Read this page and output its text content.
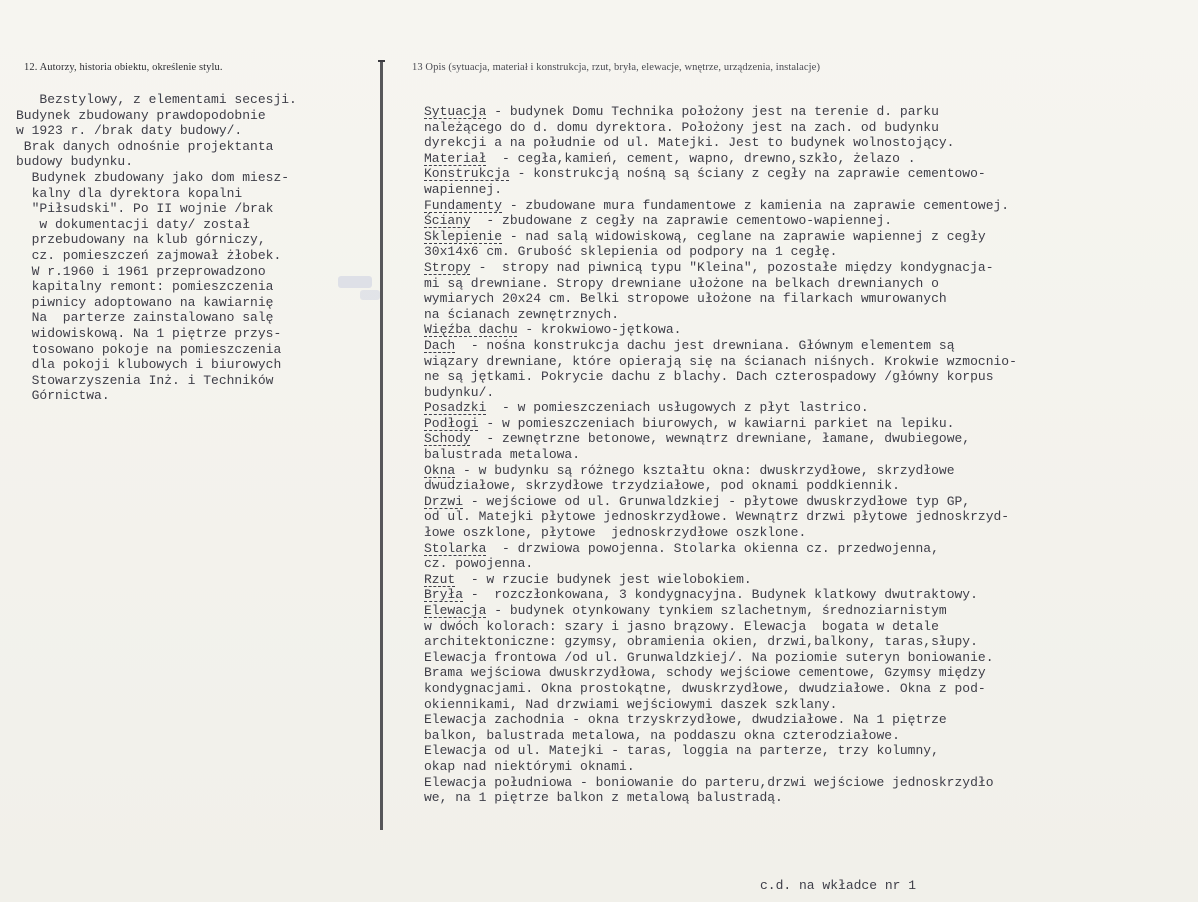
12. Autorzy, historia obiektu, określenie stylu.	13 Opis (sytuacja, materiał i konstrukcja, rzut, bryła, elewacje, wnętrze, urządzenia, instalacje)
Bezstylowy, z elementami secesji.
Budynek zbudowany prawdopodobnie
w 1923 r. /brak daty budowy/.
Brak danych odnośnie projektanta
budowy budynku.
Budynek zbudowany jako dom miesz-
kalny dla dyrektora kopalni
"Piłsudski". Po II wojnie /brak
w dokumentacji daty/ został
przebudowany na klub górniczy,
cz. pomieszczeń zajmował żłobek.
W r.1960 i 1961 przeprowadzono
kapitalny remont: pomieszczenia
piwnicy adoptowano na kawiarnię
Na  parterze zainstalowano salę
widowiskową. Na 1 piętrze przys-
tosowano pokoje na pomieszczenia
dla pokoji klubowych i biurowych
Stowarzyszenia Inż. i Techników
Górnictwa.
Sytuacja - budynek Domu Technika położony jest na terenie d. parku
należącego do d. domu dyrektora. Położony jest na zach. od budynku
dyrekcji a na południe od ul. Matejki. Jest to budynek wolnostojący.
Materiał  - cegła,kamień, cement, wapno, drewno,szkło, żelazo .
Konstrukcja - konstrukcją nośną są ściany z cegły na zaprawie cementowo-
wapiennej.
Fundamenty - zbudowane mura fundamentowe z kamienia na zaprawie cementowej.
Ściany  - zbudowane z cegły na zaprawie cementowo-wapiennej.
Sklepienie - nad salą widowiskową, ceglane na zaprawie wapiennej z cegły
30x14x6 cm. Grubość sklepienia od podpory na 1 cegłę.
Stropy -  stropy nad piwnicą typu "Kleina", pozostałe między kondygnacja-
mi są drewniane. Stropy drewniane ułożone na belkach drewnianych o
wymiarych 20x24 cm. Belki stropowe ułożone na filarkach wmurowanych
na ścianach zewnętrznych.
Więźba dachu - krokwiowo-jętkowa.
Dach  - nośna konstrukcja dachu jest drewniana. Głównym elementem są
wiązary drewniane, które opierają się na ścianach niśnych. Krokwie wzmocnio-
ne są jętkami. Pokrycie dachu z blachy. Dach czterospadowy /główny korpus
budynku/.
Posadzki  - w pomieszczeniach usługowych z płyt lastrico.
Podłogi - w pomieszczeniach biurowych, w kawiarni parkiet na lepiku.
Schody  - zewnętrzne betonowe, wewnątrz drewniane, łamane, dwubiegowe,
balustrada metalowa.
Okna - w budynku są różnego kształtu okna: dwuskrzydłowe, skrzydłowe
dwudziałowe, skrzydłowe trzydziałowe, pod oknami poddkiennik.
Drzwi - wejściowe od ul. Grunwaldzkiej - płytowe dwuskrzydłowe typ GP,
od ul. Matejki płytowe jednoskrzydłowe. Wewnątrz drzwi płytowe jednoskrzyd-
łowe oszklone, płytowe  jednoskrzydłowe oszklone.
Stolarka  - drzwiowa powojenna. Stolarka okienna cz. przedwojenna,
cz. powojenna.
Rzut  - w rzucie budynek jest wielobokiem.
Bryła -  rozczłonkowana, 3 kondygnacyjna. Budynek klatkowy dwutraktowy.
Elewacja - budynek otynkowany tynkiem szlachetnym, średnoziarnistym
w dwóch kolorach: szary i jasno brązowy. Elewacja  bogata w detale
architektoniczne: gzymsy, obramienia okien, drzwi,balkony, taras,słupy.
Elewacja frontowa /od ul. Grunwaldzkiej/. Na poziomie suteryn boniowanie.
Brama wejściowa dwuskrzydłowa, schody wejściowe cementowe, Gzymsy między
kondygnacjami. Okna prostokątne, dwuskrzydłowe, dwudziałowe. Okna z pod-
okiennikami, Nad drzwiami wejściowymi daszek szklany.
Elewacja zachodnia - okna trzyskrzydłowe, dwudziałowe. Na 1 piętrze
balkon, balustrada metalowa, na poddaszu okna czterodziałowe.
Elewacja od ul. Matejki - taras, loggia na parterze, trzy kolumny,
okap nad niektórymi oknami.
Elewacja południowa - boniowanie do parteru,drzwi wejściowe jednoskrzydło
we, na 1 piętrze balkon z metalową balustradą.
c.d. na wkładce nr 1
